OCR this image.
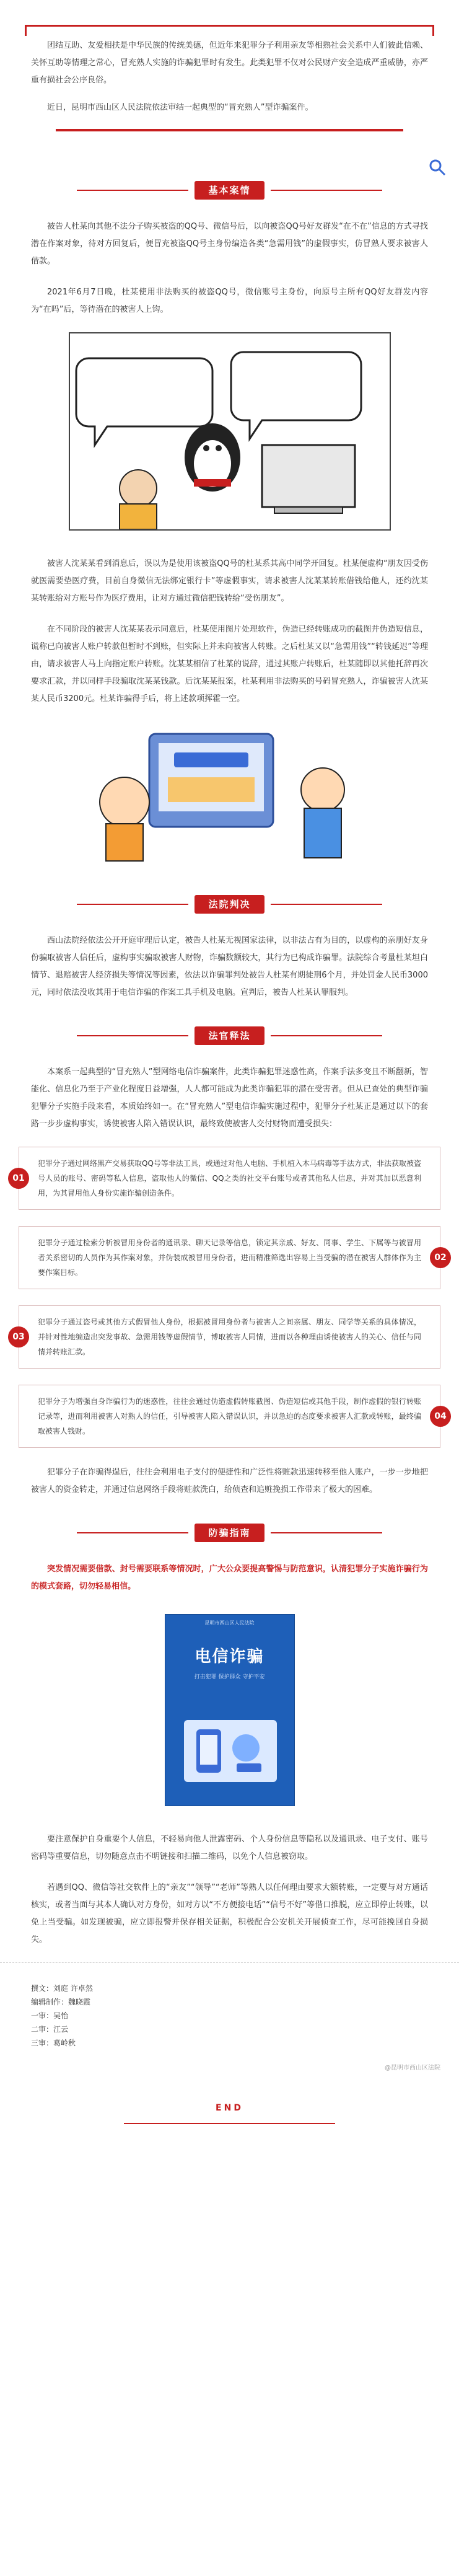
团结互助、友爱相扶是中华民族的传统美德，但近年来犯罪分子利用亲友等相熟社会关系中人们彼此信赖、关怀互助等情理之常心，冒充熟人实施的诈骗犯罪时有发生。此类犯罪不仅对公民财产安全造成严重威胁，亦严重有损社会公序良俗。

近日，昆明市西山区人民法院依法审结一起典型的“冒充熟人”型诈骗案件。

基本案情

被告人杜某向其他不法分子购买被盗的QQ号、微信号后，以向被盗QQ号好友群发“在不在”信息的方式寻找潜在作案对象，待对方回复后，便冒充被盗QQ号主身份编造各类“急需用钱”的虚假事实，仿冒熟人要求被害人借款。

2021年6月7日晚，杜某使用非法购买的被盗QQ号，微信账号主身份，向原号主所有QQ好友群发内容为“在吗”后，等待潜在的被害人上钩。

被害人沈某某看到消息后，误以为是使用该被盗QQ号的杜某系其高中同学开回复。杜某便虚构“朋友因受伤就医需要垫医疗费，目前自身微信无法绑定银行卡”等虚假事实，请求被害人沈某某转账借钱给他人，还约沈某某转账给对方账号作为医疗费用，让对方通过微信把钱转给“受伤朋友”。

在不同阶段的被害人沈某某表示同意后，杜某使用图片处理软件，伪造已经转账成功的截图并伪造短信息，谎称已向被害人账户转款但暂时不到账，但实际上并未向被害人转账。之后杜某又以“急需用钱”“转钱延迟”等理由，请求被害人马上向指定账户转账。沈某某相信了杜某的说辞，通过其账户转账后，杜某随即以其他托辞再次要求汇款，并以同样手段骗取沈某某钱款。后沈某某报案，杜某利用非法购买的号码冒充熟人，诈骗被害人沈某某人民币3200元。杜某诈骗得手后，将上述款项挥霍一空。

法院判决

西山法院经依法公开开庭审理后认定，被告人杜某无视国家法律，以非法占有为目的，以虚构的亲朋好友身份骗取被害人信任后，虚构事实骗取被害人财物，诈骗数额较大，其行为已构成诈骗罪。法院综合考量杜某坦白情节、退赔被害人经济损失等情况等因素，依法以诈骗罪判处被告人杜某有期徒刑6个月，并处罚金人民币3000元，同时依法没收其用于电信诈骗的作案工具手机及电脑。宣判后，被告人杜某认罪服判。

法官释法

本案系一起典型的“冒充熟人”型网络电信诈骗案件，此类诈骗犯罪迷惑性高，作案手法多变且不断翻新，智能化、信息化乃至于产业化程度日益增强，人人都可能成为此类诈骗犯罪的潜在受害者。但从已查处的典型诈骗犯罪分子实施手段来看，本质始终如一。在“冒充熟人”型电信诈骗实施过程中，犯罪分子杜某正是通过以下的套路一步步虚构事实，诱使被害人陷入错误认识，最终致使被害人交付财物而遭受损失：

01
犯罪分子通过网络黑产交易获取QQ号等非法工具，或通过对他人电脑、手机植入木马病毒等手法方式，非法获取被盗号人员的账号、密码等私人信息，盗取他人的微信、QQ之类的社交平台账号或者其他私人信息，并对其加以恶意利用，为其冒用他人身份实施诈骗创造条件。
02
犯罪分子通过检索分析被冒用身份者的通讯录、聊天记录等信息，锁定其亲戚、好友、同事、学生、下属等与被冒用者关系密切的人员作为其作案对象，并伪装成被冒用身份者，进而精准筛选出容易上当受骗的潜在被害人群体作为主要作案目标。
03
犯罪分子通过盗号或其他方式假冒他人身份，根据被冒用身份者与被害人之间亲属、朋友、同学等关系的具体情况，并针对性地编造出突发事故、急需用钱等虚假情节，博取被害人同情，进而以各种理由诱使被害人的关心、信任与同情并转账汇款。
04
犯罪分子为增强自身诈骗行为的迷惑性，往往会通过伪造虚假转账截图、伪造短信或其他手段，制作虚假的银行转账记录等，进而利用被害人对熟人的信任，引导被害人陷入错误认识，并以急迫的态度要求被害人汇款或转账，最终骗取被害人钱财。

犯罪分子在诈骗得逞后，往往会利用电子支付的便捷性和广泛性将赃款迅速转移至他人账户，一步一步地把被害人的资金转走，并通过信息网络手段将赃款洗白，给侦查和追赃挽损工作带来了极大的困难。

防骗指南

突发情况需要借款、封号需要联系等情况时，广大公众要提高警惕与防范意识，认清犯罪分子实施诈骗行为的模式套路，切勿轻易相信。

昆明市西山区人民法院
电信诈骗
打击犯罪 保护群众 守护平安

要注意保护自身重要个人信息，不轻易向他人泄露密码、个人身份信息等隐私以及通讯录、电子支付、账号密码等重要信息，切勿随意点击不明链接和扫描二维码，以免个人信息被窃取。

若遇到QQ、微信等社交软件上的“亲友”“领导”“老师”等熟人以任何理由要求大额转账，一定要与对方通话核实，或者当面与其本人确认对方身份，如对方以“不方便接电话”“信号不好”等借口推脱，应立即停止转账，以免上当受骗。如发现被骗，应立即报警并保存相关证据，积极配合公安机关开展侦查工作，尽可能挽回自身损失。

撰文：刘庭 许卓然
编辑制作：魏晓霞
一审：吴怡
二审：江云
三审：葛岭秋
@昆明市西山区法院
END
